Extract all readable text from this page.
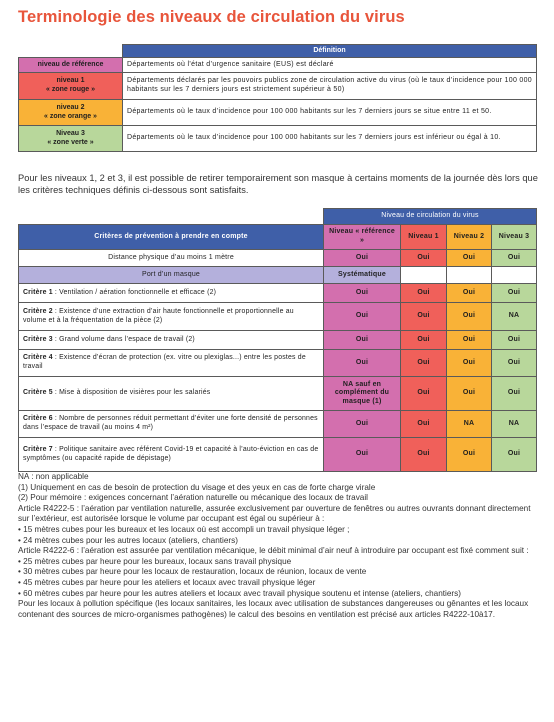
Terminologie des niveaux de circulation du virus
	Définition
niveau de référence	Départements où l’état d’urgence sanitaire (EUS) est déclaré

niveau 1
« zone rouge »	Départements déclarés par les pouvoirs publics zone de circulation active du virus (où le taux d’incidence pour 100 000 habitants sur les 7 derniers jours est strictement supérieur à 50)

niveau 2
« zone orange »	Départements où le taux d’incidence pour 100 000 habitants sur les 7 derniers jours se situe entre 11 et 50.

Niveau 3
« zone verte »	Départements où le taux d’incidence pour 100 000 habitants sur les 7 derniers jours est inférieur ou égal à 10.
Pour les niveaux 1, 2 et 3, il est possible de retirer temporairement son masque à certains moments de la journée dès lors que les critères techniques définis ci-dessous sont satisfaits.
	Niveau de circulation du virus			
Critères de prévention à prendre en compte	Niveau « référence »	Niveau 1	Niveau 2	Niveau 3
Distance physique d’au moins 1 mètre	Oui	Oui	Oui	Oui
Port d’un masque	Systématique			
Critère 1 : Ventilation / aération fonctionnelle et efficace (2)	Oui	Oui	Oui	Oui
Critère 2 : Existence d’une extraction d’air haute fonctionnelle et proportionnelle au volume et à la fréquentation de la pièce (2)	Oui	Oui	Oui	NA
Critère 3 : Grand volume dans l’espace de travail (2)	Oui	Oui	Oui	Oui
Critère 4 : Existence d’écran de protection (ex. vitre ou plexiglas...) entre les postes de travail	Oui	Oui	Oui	Oui
Critère 5 : Mise à disposition de visières pour les salariés	NA sauf en complément du masque (1)	Oui	Oui	Oui
Critère 6 : Nombre de personnes réduit permettant d’éviter une forte densité de personnes dans l’espace de travail (au moins 4 m²)	Oui	Oui	NA	NA
Critère 7 : Politique sanitaire avec référent Covid-19 et capacité à l’auto-éviction en cas de symptômes (ou capacité rapide de dépistage)	Oui	Oui	Oui	Oui
NA : non applicable
(1) Uniquement en cas de besoin de protection du visage et des yeux en cas de forte charge virale
(2) Pour mémoire : exigences concernant l’aération naturelle ou mécanique des locaux de travail
Article R4222-5 : l’aération par ventilation naturelle, assurée exclusivement par ouverture de fenêtres ou autres ouvrants donnant directement sur l’extérieur, est autorisée lorsque le volume par occupant est égal ou supérieur à :
• 15 mètres cubes pour les bureaux et les locaux où est accompli un travail physique léger ;
• 24 mètres cubes pour les autres locaux (ateliers, chantiers)
Article R4222-6 : l’aération est assurée par ventilation mécanique, le débit minimal d’air neuf à introduire par occupant est fixé comment suit :
• 25 mètres cubes par heure pour les bureaux, locaux sans travail physique
• 30 mètres cubes par heure pour les locaux de restauration, locaux de réunion, locaux de vente
• 45 mètres cubes par heure pour les ateliers et locaux avec travail physique léger
• 60 mètres cubes par heure pour les autres ateliers et locaux avec travail physique soutenu et intense (ateliers, chantiers)
Pour les locaux à pollution spécifique (les locaux sanitaires, les locaux avec utilisation de substances dangereuses ou gênantes et les locaux contenant des sources de micro-organismes pathogènes) le calcul des besoins en ventilation est précisé aux articles R4222-10à17.
